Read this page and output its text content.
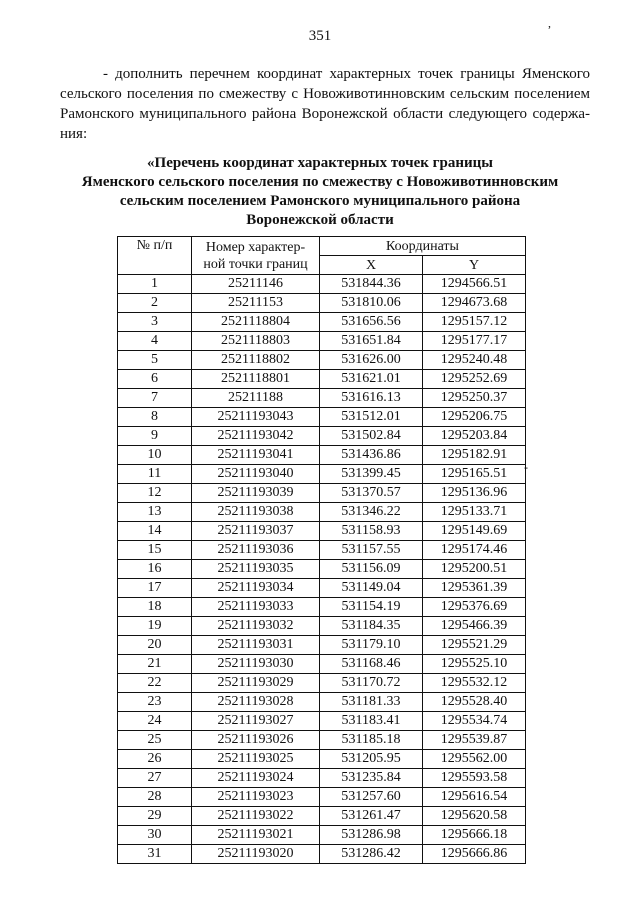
,
-
351
- дополнить перечнем координат характерных точек границы Яменского
сельского поселения по смежеству с Новоживотинновским сельским поселением
Рамонского муниципального района Воронежской области следующего содержа-
ния:
«Перечень координат характерных точек границы
Яменского сельского поселения по смежеству с Новоживотинновским
сельским поселением Рамонского муниципального района
Воронежской области
№ п/п	Номер характер-
ной точки границ	Координаты	
		X	Y
1	25211146	531844.36	1294566.51
2	25211153	531810.06	1294673.68
3	2521118804	531656.56	1295157.12
4	2521118803	531651.84	1295177.17
5	2521118802	531626.00	1295240.48
6	2521118801	531621.01	1295252.69
7	25211188	531616.13	1295250.37
8	25211193043	531512.01	1295206.75
9	25211193042	531502.84	1295203.84
10	25211193041	531436.86	1295182.91
11	25211193040	531399.45	1295165.51
12	25211193039	531370.57	1295136.96
13	25211193038	531346.22	1295133.71
14	25211193037	531158.93	1295149.69
15	25211193036	531157.55	1295174.46
16	25211193035	531156.09	1295200.51
17	25211193034	531149.04	1295361.39
18	25211193033	531154.19	1295376.69
19	25211193032	531184.35	1295466.39
20	25211193031	531179.10	1295521.29
21	25211193030	531168.46	1295525.10
22	25211193029	531170.72	1295532.12
23	25211193028	531181.33	1295528.40
24	25211193027	531183.41	1295534.74
25	25211193026	531185.18	1295539.87
26	25211193025	531205.95	1295562.00
27	25211193024	531235.84	1295593.58
28	25211193023	531257.60	1295616.54
29	25211193022	531261.47	1295620.58
30	25211193021	531286.98	1295666.18
31	25211193020	531286.42	1295666.86
